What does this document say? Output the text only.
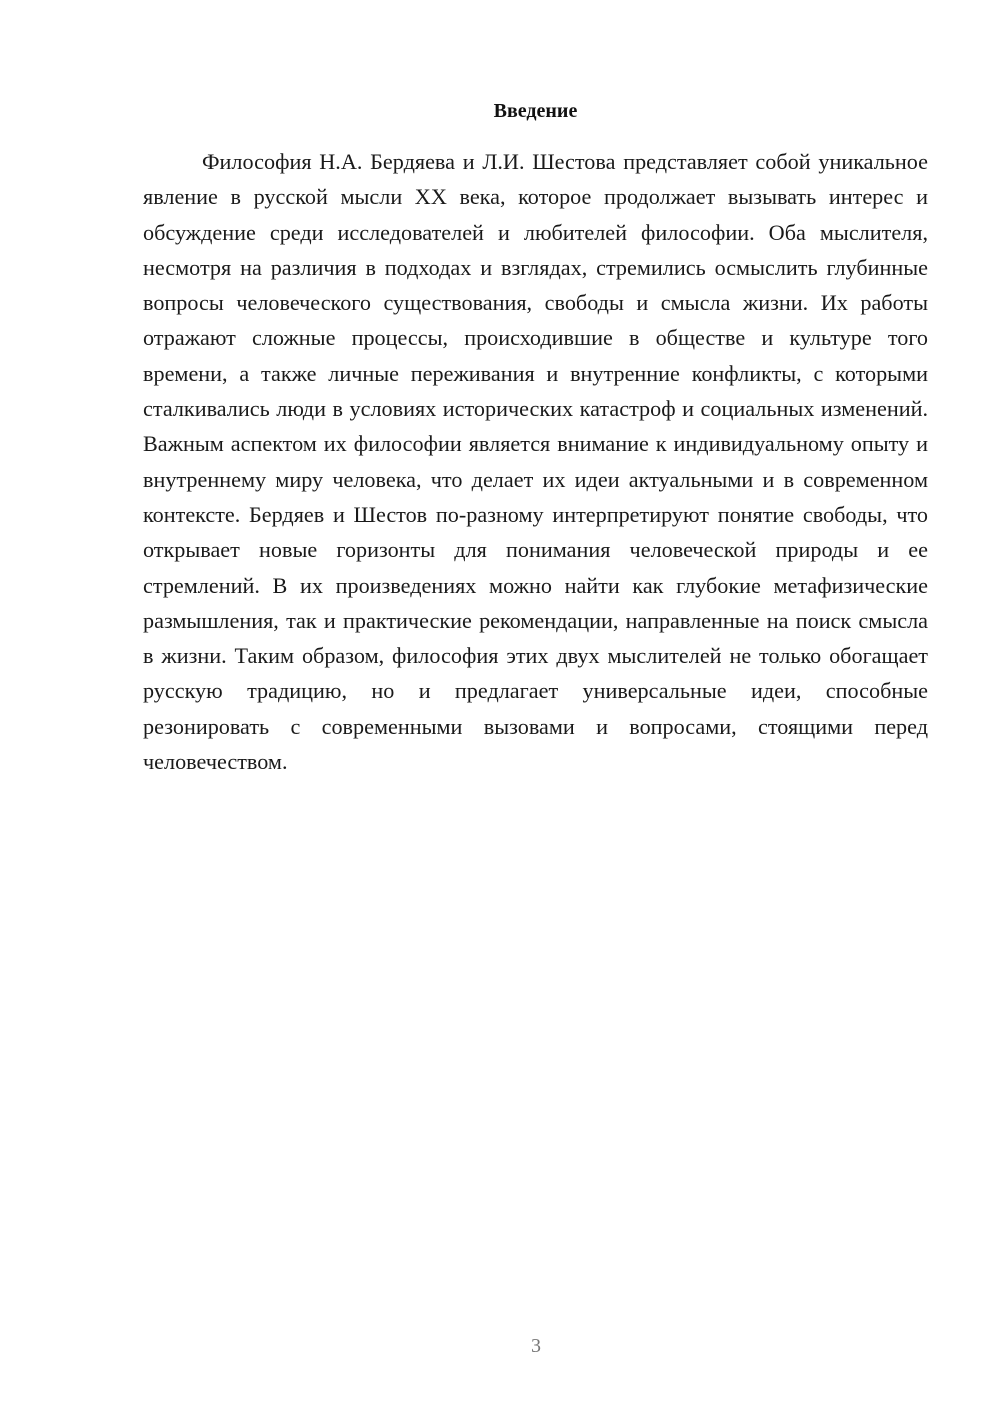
Введение

Философия Н.А. Бердяева и Л.И. Шестова представляет собой уникальное явление в русской мысли XX века, которое продолжает вызывать интерес и обсуждение среди исследователей и любителей философии. Оба мыслителя, несмотря на различия в подходах и взглядах, стремились осмыслить глубинные вопросы человеческого существования, свободы и смысла жизни. Их работы отражают сложные процессы, происходившие в обществе и культуре того времени, а также личные переживания и внутренние конфликты, с которыми сталкивались люди в условиях исторических катастроф и социальных изменений. Важным аспектом их философии является внимание к индивидуальному опыту и внутреннему миру человека, что делает их идеи актуальными и в современном контексте. Бердяев и Шестов по-разному интерпретируют понятие свободы, что открывает новые горизонты для понимания человеческой природы и ее стремлений. В их произведениях можно найти как глубокие метафизические размышления, так и практические рекомендации, направленные на поиск смысла в жизни. Таким образом, философия этих двух мыслителей не только обогащает русскую традицию, но и предлагает универсальные идеи, способные резонировать с современными вызовами и вопросами, стоящими перед человечеством.

3
